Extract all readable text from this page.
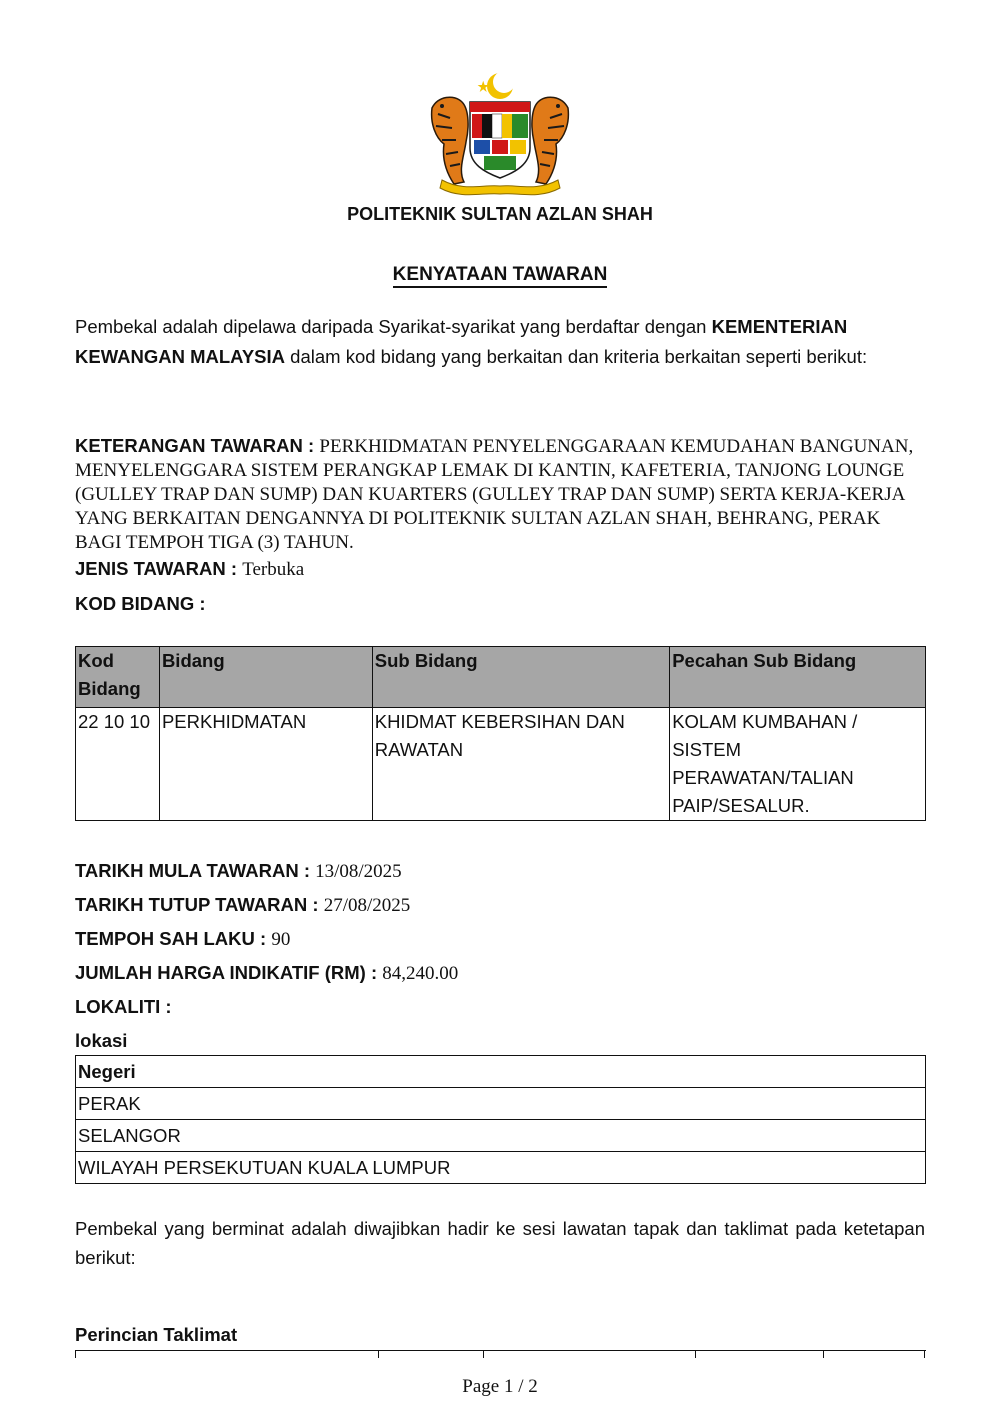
POLITEKNIK SULTAN AZLAN SHAH
KENYATAAN TAWARAN
Pembekal adalah dipelawa daripada Syarikat-syarikat yang berdaftar dengan KEMENTERIAN KEWANGAN MALAYSIA dalam kod bidang yang berkaitan dan kriteria berkaitan seperti berikut:
KETERANGAN TAWARAN : PERKHIDMATAN PENYELENGGARAAN KEMUDAHAN BANGUNAN, MENYELENGGARA SISTEM PERANGKAP LEMAK DI KANTIN, KAFETERIA, TANJONG LOUNGE (GULLEY TRAP DAN SUMP) DAN KUARTERS (GULLEY TRAP DAN SUMP) SERTA KERJA-KERJA YANG BERKAITAN DENGANNYA DI POLITEKNIK SULTAN AZLAN SHAH, BEHRANG, PERAK BAGI TEMPOH TIGA (3) TAHUN.
JENIS TAWARAN : Terbuka
KOD BIDANG :
Kod Bidang	Bidang	Sub Bidang	Pecahan Sub Bidang
22 10 10	PERKHIDMATAN	KHIDMAT KEBERSIHAN DAN RAWATAN	KOLAM KUMBAHAN / SISTEM PERAWATAN/TALIAN PAIP/SESALUR.
TARIKH MULA TAWARAN : 13/08/2025
TARIKH TUTUP TAWARAN : 27/08/2025
TEMPOH SAH LAKU : 90
JUMLAH HARGA INDIKATIF (RM) : 84,240.00
LOKALITI :
lokasi
Negeri
PERAK
SELANGOR
WILAYAH PERSEKUTUAN KUALA LUMPUR
Pembekal yang berminat adalah diwajibkan hadir ke sesi lawatan tapak dan taklimat pada ketetapan berikut:
Perincian Taklimat
Page 1 / 2
